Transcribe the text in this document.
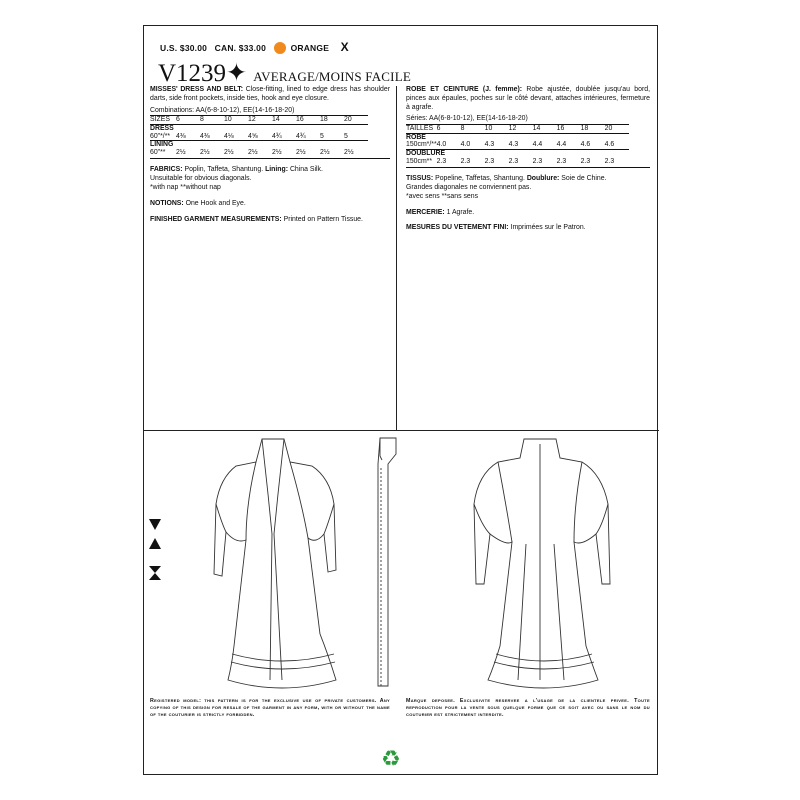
U.S. $30.00 CAN. $33.00	ORANGE X
V1239✦ AVERAGE/MOINS FACILE
MISSES' DRESS AND BELT: Close-fitting, lined to edge dress has shoulder darts, side front pockets, inside ties, hook and eye closure.
Combinations: AA(6-8-10-12), EE(14-16-18-20)
SIZES	6	8	10	12	14	16	18	20
DRESS								
60"*/**	4⅜	4⅜	4⅛	4⅝	4¾	4¾	5	5
LINING								
60"**	2½	2½	2½	2½	2½	2½	2½	2½
FABRICS: Poplin, Taffeta, Shantung. Lining: China Silk.
Unsuitable for obvious diagonals.
*with nap **without nap
NOTIONS: One Hook and Eye.
FINISHED GARMENT MEASUREMENTS: Printed on Pattern Tissue.
ROBE ET CEINTURE (J. femme): Robe ajustée, doublée jusqu'au bord, pinces aux épaules, poches sur le côté devant, attaches intérieures, fermeture à agrafe.
Séries: AA(6-8-10-12), EE(14-16-18-20)
TAILLES	6	8	10	12	14	16	18	20
ROBE								
150cm*/**	4.0	4.0	4.3	4.3	4.4	4.4	4.6	4.6
DOUBLURE								
150cm**	2.3	2.3	2.3	2.3	2.3	2.3	2.3	2.3
TISSUS: Popeline, Taffetas, Shantung. Doublure: Soie de Chine.
Grandes diagonales ne conviennent pas.
*avec sens **sans sens
MERCERIE: 1 Agrafe.
MESURES DU VETEMENT FINI: Imprimées sur le Patron.
Registered model: this pattern is for the exclusive use of private customers. Any copying of this design for resale of the garment in any form, with or without the name of the couturier is strictly forbidden.
Marque deposee. Exclusivite reservee a l'usage de la clientele privee. Toute reproduction pour la vente sous quelque forme que ce soit avec ou sans le nom du couturier est strictement interdite.
♻
